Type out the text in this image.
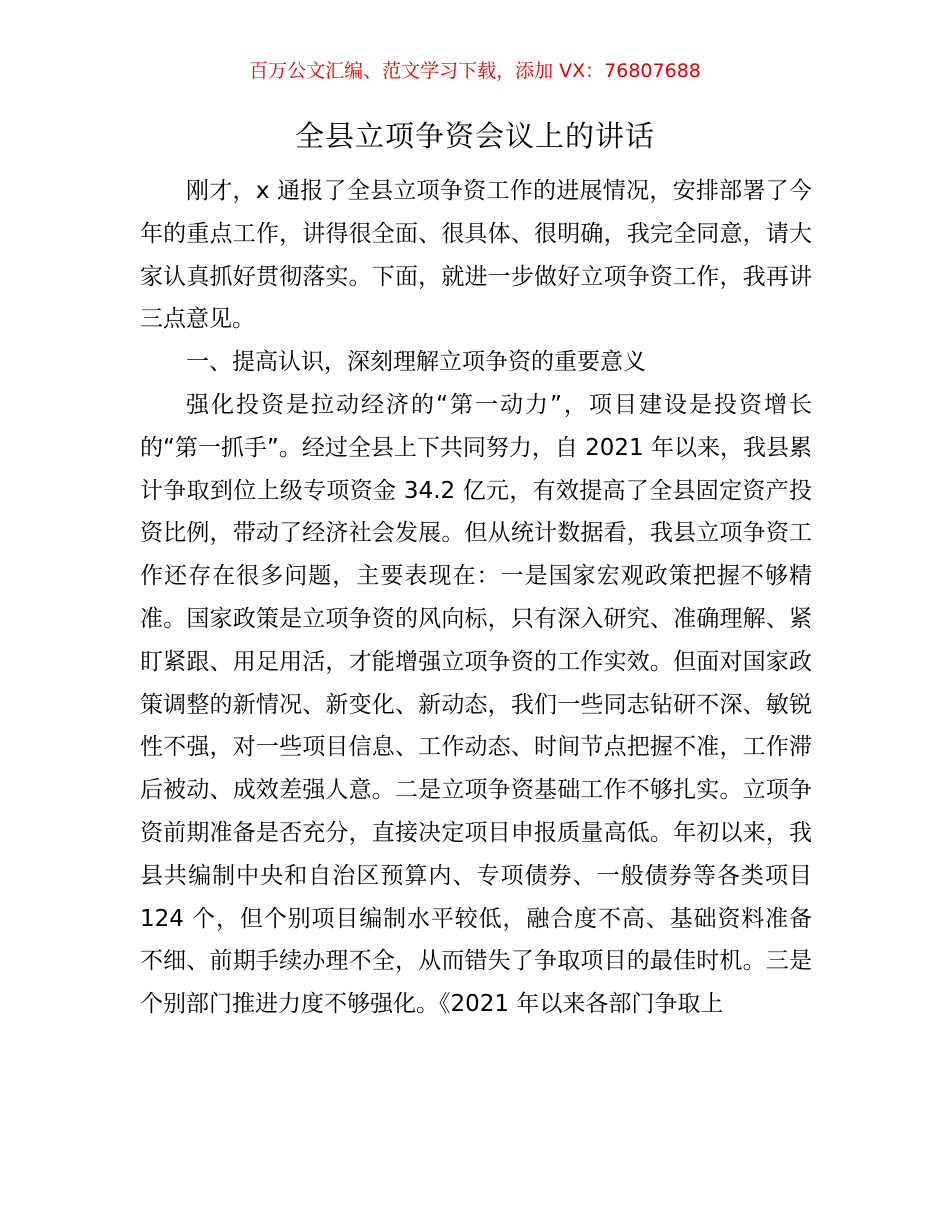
百万公文汇编、范文学习下载，添加 VX：76807688
全县立项争资会议上的讲话

刚才，x 通报了全县立项争资工作的进展情况，安排部署了今年的重点工作，讲得很全面、很具体、很明确，我完全同意，请大家认真抓好贯彻落实。下面，就进一步做好立项争资工作，我再讲三点意见。

一、提高认识，深刻理解立项争资的重要意义

强化投资是拉动经济的“第一动力”，项目建设是投资增长的“第一抓手”。经过全县上下共同努力，自 2021 年以来，我县累计争取到位上级专项资金 34.2 亿元，有效提高了全县固定资产投资比例，带动了经济社会发展。但从统计数据看，我县立项争资工作还存在很多问题，主要表现在：一是国家宏观政策把握不够精准。国家政策是立项争资的风向标，只有深入研究、准确理解、紧盯紧跟、用足用活，才能增强立项争资的工作实效。但面对国家政策调整的新情况、新变化、新动态，我们一些同志钻研不深、敏锐性不强，对一些项目信息、工作动态、时间节点把握不准，工作滞后被动、成效差强人意。二是立项争资基础工作不够扎实。立项争资前期准备是否充分，直接决定项目申报质量高低。年初以来，我县共编制中央和自治区预算内、专项债券、一般债券等各类项目 124 个，但个别项目编制水平较低，融合度不高、基础资料准备不细、前期手续办理不全，从而错失了争取项目的最佳时机。三是个别部门推进力度不够强化。《2021 年以来各部门争取上
